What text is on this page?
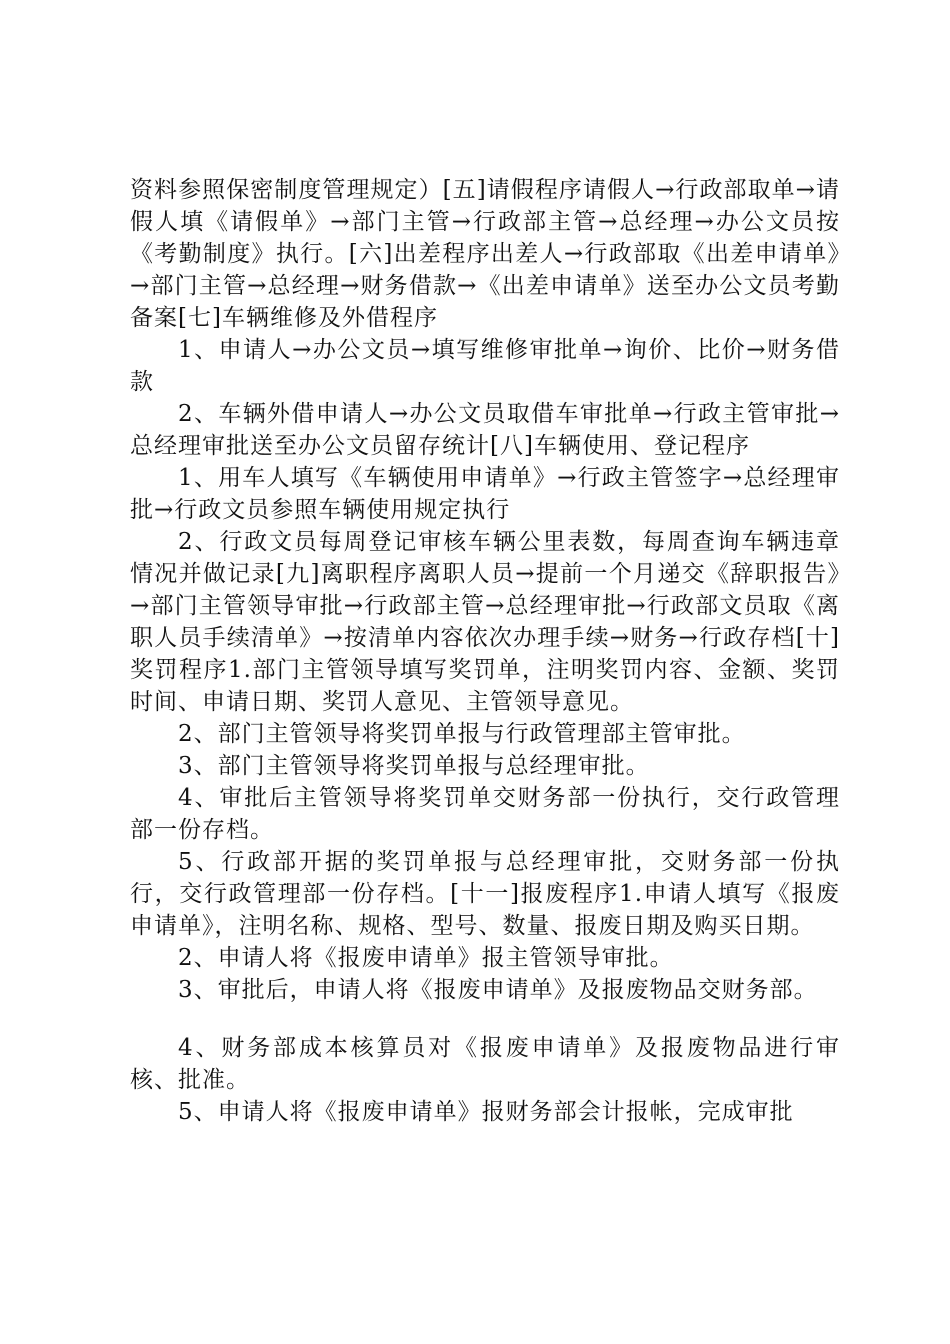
资料参照保密制度管理规定）[五]请假程序请假人→行政部取单→请假人填《请假单》→部门主管→行政部主管→总经理→办公文员按《考勤制度》执行。[六]出差程序出差人→行政部取《出差申请单》→部门主管→总经理→财务借款→《出差申请单》送至办公文员考勤备案[七]车辆维修及外借程序

1、申请人→办公文员→填写维修审批单→询价、比价→财务借款

2、车辆外借申请人→办公文员取借车审批单→行政主管审批→总经理审批送至办公文员留存统计[八]车辆使用、登记程序

1、用车人填写《车辆使用申请单》→行政主管签字→总经理审批→行政文员参照车辆使用规定执行

2、行政文员每周登记审核车辆公里表数，每周查询车辆违章情况并做记录[九]离职程序离职人员→提前一个月递交《辞职报告》→部门主管领导审批→行政部主管→总经理审批→行政部文员取《离职人员手续清单》→按清单内容依次办理手续→财务→行政存档[十]奖罚程序1.部门主管领导填写奖罚单，注明奖罚内容、金额、奖罚时间、申请日期、奖罚人意见、主管领导意见。

2、部门主管领导将奖罚单报与行政管理部主管审批。

3、部门主管领导将奖罚单报与总经理审批。

4、审批后主管领导将奖罚单交财务部一份执行，交行政管理部一份存档。

5、行政部开据的奖罚单报与总经理审批，交财务部一份执行，交行政管理部一份存档。[十一]报废程序1.申请人填写《报废申请单》，注明名称、规格、型号、数量、报废日期及购买日期。

2、申请人将《报废申请单》报主管领导审批。

3、审批后，申请人将《报废申请单》及报废物品交财务部。

4、财务部成本核算员对《报废申请单》及报废物品进行审核、批准。

5、申请人将《报废申请单》报财务部会计报帐，完成审批
